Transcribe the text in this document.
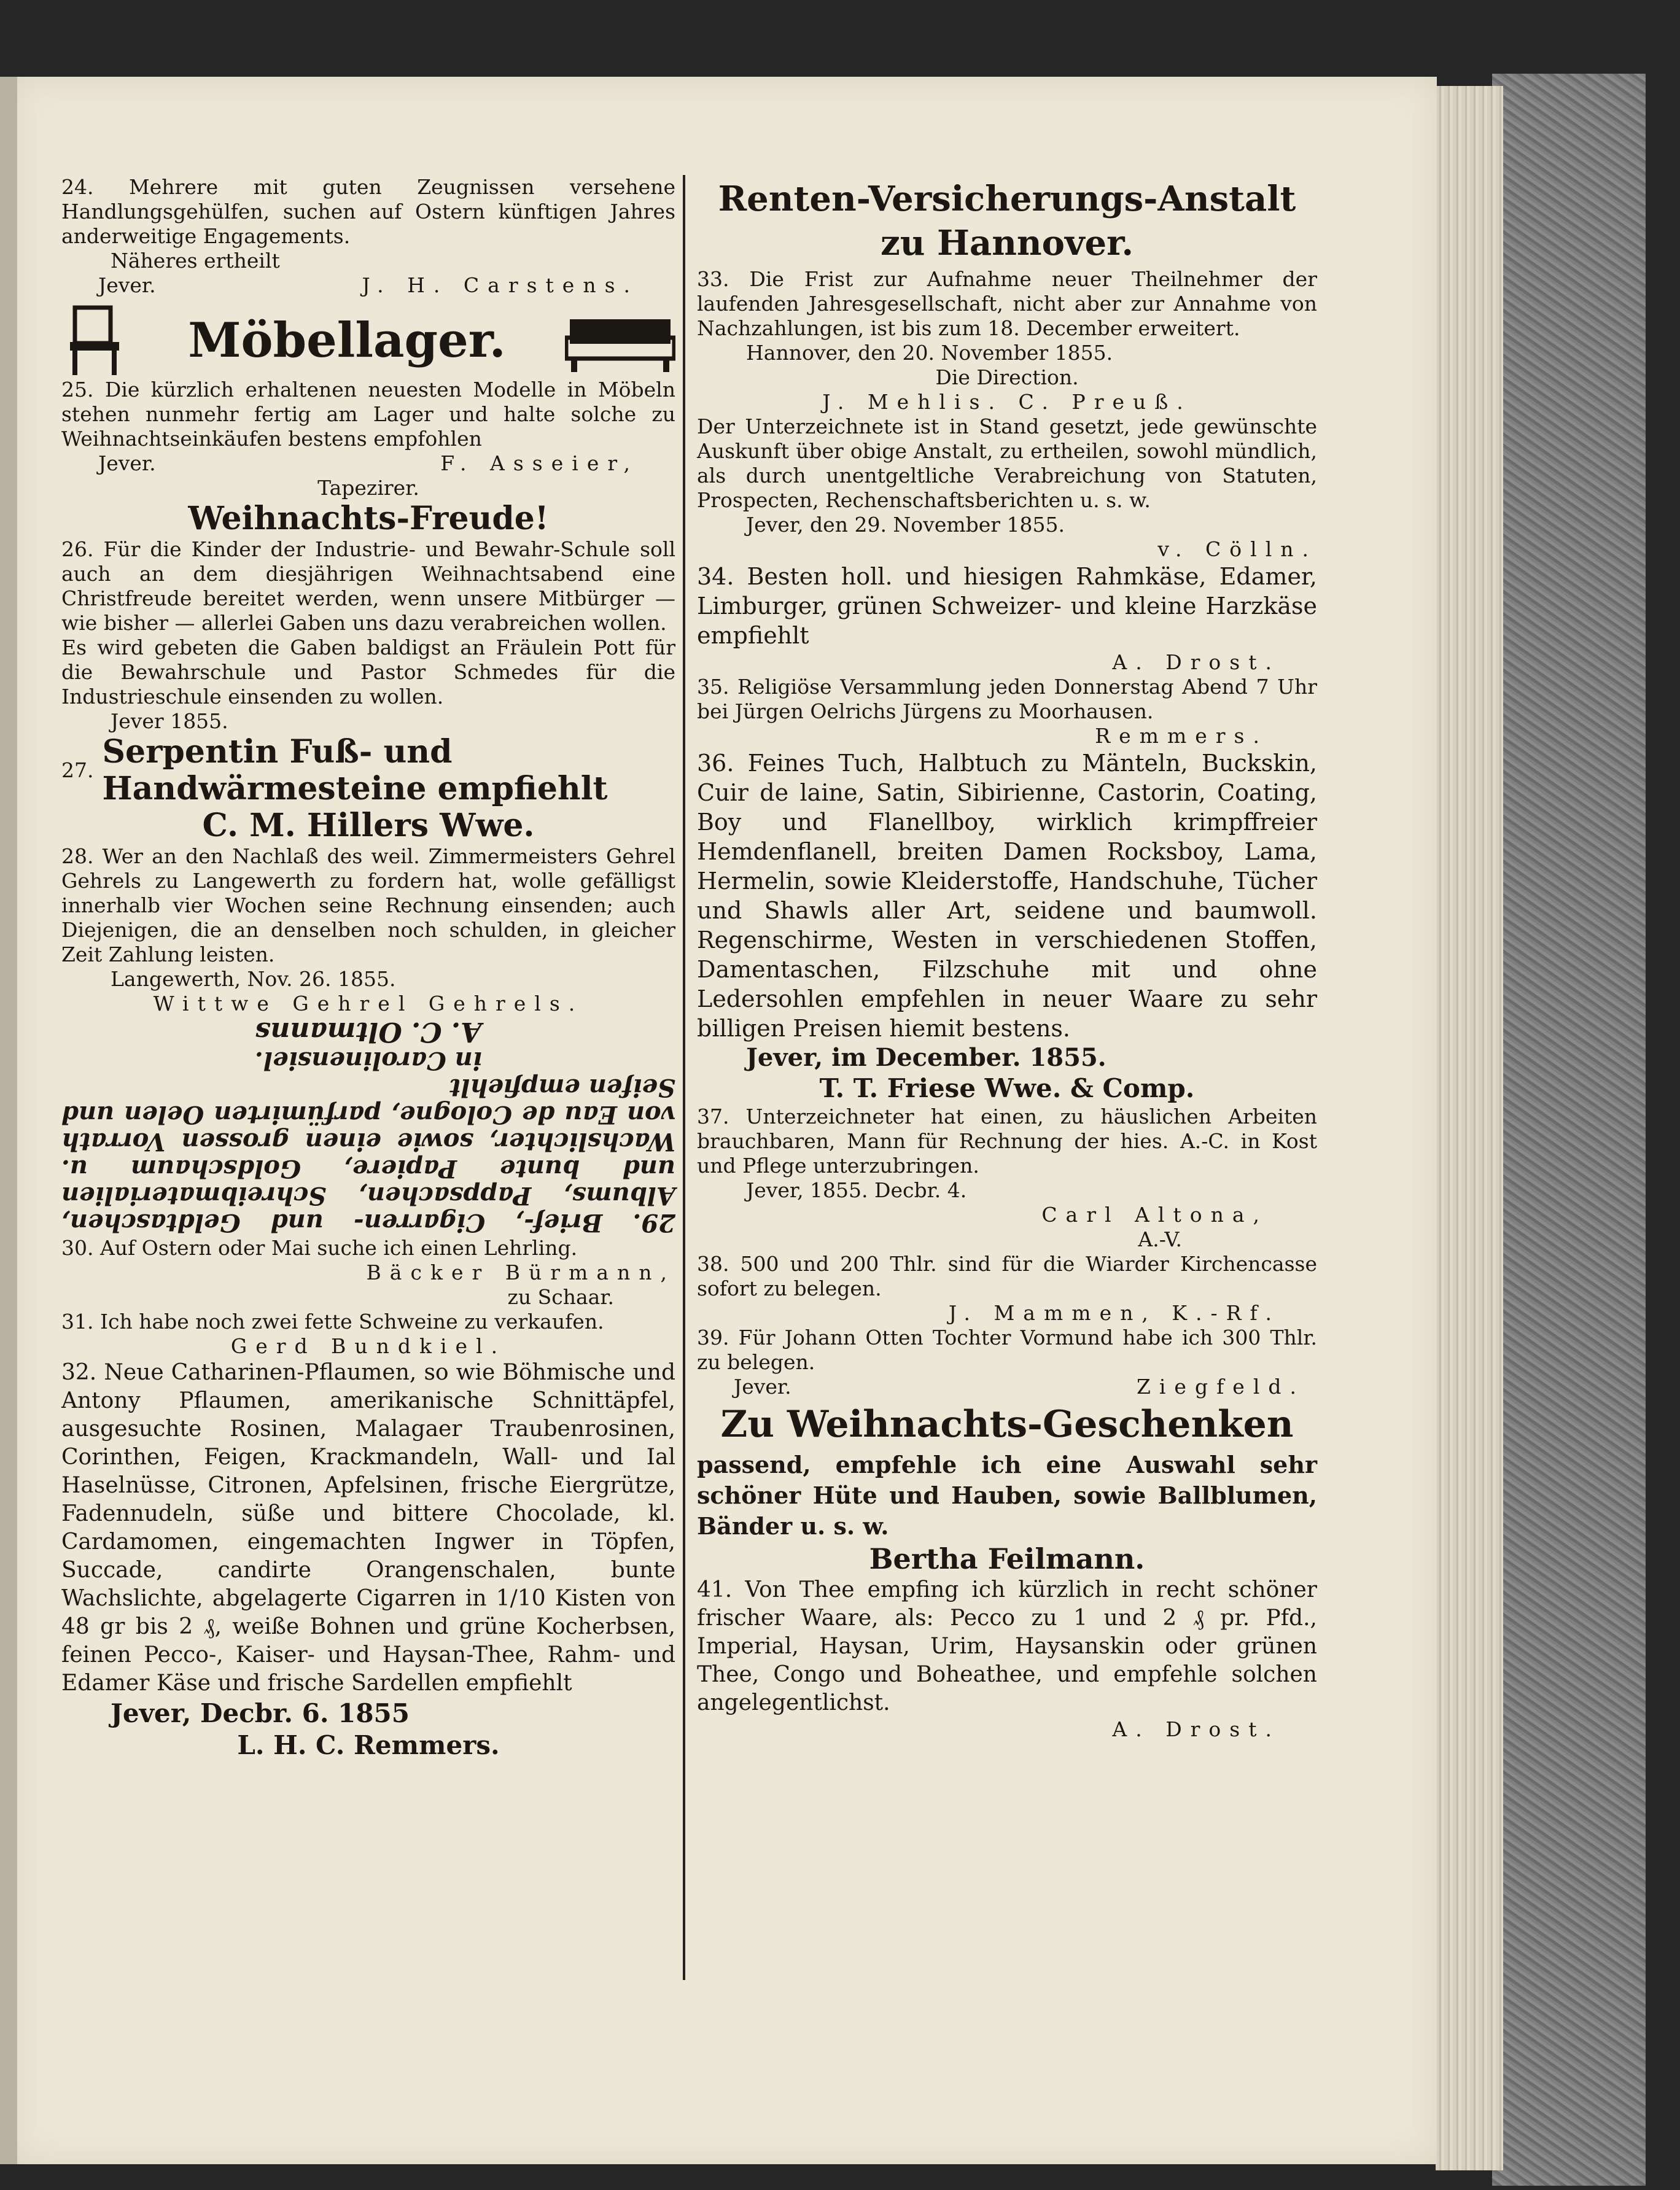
24. Mehrere mit guten Zeugnissen versehene Handlungsgehülfen, suchen auf Ostern künftigen Jahres anderweitige Engagements.

Näheres ertheilt

Jever.	J. H. Carstens.
Möbellager.

25. Die kürzlich erhaltenen neuesten Modelle in Möbeln stehen nunmehr fertig am Lager und halte solche zu Weihnachtseinkäufen bestens empfohlen

Jever.	F. Asseier,

Tapezirer.

Weihnachts-Freude!

26. Für die Kinder der Industrie- und Bewahr-Schule soll auch an dem diesjährigen Weihnachtsabend eine Christfreude bereitet werden, wenn unsere Mitbürger — wie bisher — allerlei Gaben uns dazu verabreichen wollen.

Es wird gebeten die Gaben baldigst an Fräulein Pott für die Bewahrschule und Pastor Schmedes für die Industrieschule einsenden zu wollen.

Jever 1855.

27. Serpentin Fuß- und Handwärmesteine empfiehlt

C. M. Hillers Wwe.

28. Wer an den Nachlaß des weil. Zimmermeisters Gehrel Gehrels zu Langewerth zu fordern hat, wolle gefälligst innerhalb vier Wochen seine Rechnung einsenden; auch Diejenigen, die an denselben noch schulden, in gleicher Zeit Zahlung leisten.

Langewerth, Nov. 26. 1855.

Wittwe Gehrel Gehrels.

29. Brief-, Cigarren- und Geldtaschen, Albums, Pappsachen, Schreibmaterialien und bunte Papiere, Goldschaum u. Wachslichter, sowie einen grossen Vorrath von Eau de Cologne, parfümirten Oelen und Seifen empfiehlt

in Carolinensiel.

A. C. Oltmanns

30. Auf Ostern oder Mai suche ich einen Lehrling.

Bäcker Bürmann,

zu Schaar.

31. Ich habe noch zwei fette Schweine zu verkaufen.

Gerd Bundkiel.

32. Neue Catharinen-Pflaumen, so wie Böhmische und Antony Pflaumen, amerikanische Schnittäpfel, ausgesuchte Rosinen, Malagaer Traubenrosinen, Corinthen, Feigen, Krackmandeln, Wall- und Ial Haselnüsse, Citronen, Apfelsinen, frische Eiergrütze, Fadennudeln, süße und bittere Chocolade, kl. Cardamomen, eingemachten Ingwer in Töpfen, Succade, candirte Orangenschalen, bunte Wachslichte, abgelagerte Cigarren in 1/10 Kisten von 48 gr bis 2 ₰, weiße Bohnen und grüne Kocherbsen, feinen Pecco-, Kaiser- und Haysan-Thee, Rahm- und Edamer Käse und frische Sardellen empfiehlt

Jever, Decbr. 6. 1855

L. H. C. Remmers.

Renten-Versicherungs-Anstalt

zu Hannover.

33. Die Frist zur Aufnahme neuer Theilnehmer der laufenden Jahresgesellschaft, nicht aber zur Annahme von Nachzahlungen, ist bis zum 18. December erweitert.

Hannover, den 20. November 1855.

Die Direction.

J. Mehlis. C. Preuß.

Der Unterzeichnete ist in Stand gesetzt, jede gewünschte Auskunft über obige Anstalt, zu ertheilen, sowohl mündlich, als durch unentgeltliche Verabreichung von Statuten, Prospecten, Rechenschaftsberichten u. s. w.

Jever, den 29. November 1855.

v. Cölln.

34. Besten holl. und hiesigen Rahmkäse, Edamer, Limburger, grünen Schweizer- und kleine Harzkäse empfiehlt

A. Drost.

35. Religiöse Versammlung jeden Donnerstag Abend 7 Uhr bei Jürgen Oelrichs Jürgens zu Moorhausen.

Remmers.

36. Feines Tuch, Halbtuch zu Mänteln, Buckskin, Cuir de laine, Satin, Sibirienne, Castorin, Coating, Boy und Flanellboy, wirklich krimpffreier Hemdenflanell, breiten Damen Rocksboy, Lama, Hermelin, sowie Kleiderstoffe, Handschuhe, Tücher und Shawls aller Art, seidene und baumwoll. Regenschirme, Westen in verschiedenen Stoffen, Damentaschen, Filzschuhe mit und ohne Ledersohlen empfehlen in neuer Waare zu sehr billigen Preisen hiemit bestens.

Jever, im December. 1855.

T. T. Friese Wwe. & Comp.

37. Unterzeichneter hat einen, zu häuslichen Arbeiten brauchbaren, Mann für Rechnung der hies. A.-C. in Kost und Pflege unterzubringen.

Jever, 1855. Decbr. 4.

Carl Altona,

A.-V.

38. 500 und 200 Thlr. sind für die Wiarder Kirchencasse sofort zu belegen.

J. Mammen, K.-Rf.

39. Für Johann Otten Tochter Vormund habe ich 300 Thlr. zu belegen.

Jever.	Ziegfeld.

Zu Weihnachts-Geschenken

passend, empfehle ich eine Auswahl sehr schöner Hüte und Hauben, sowie Ballblumen, Bänder u. s. w.

Bertha Feilmann.

41. Von Thee empfing ich kürzlich in recht schöner frischer Waare, als: Pecco zu 1 und 2 ₰ pr. Pfd., Imperial, Haysan, Urim, Haysanskin oder grünen Thee, Congo und Boheathee, und empfehle solchen angelegentlichst.

A. Drost.
